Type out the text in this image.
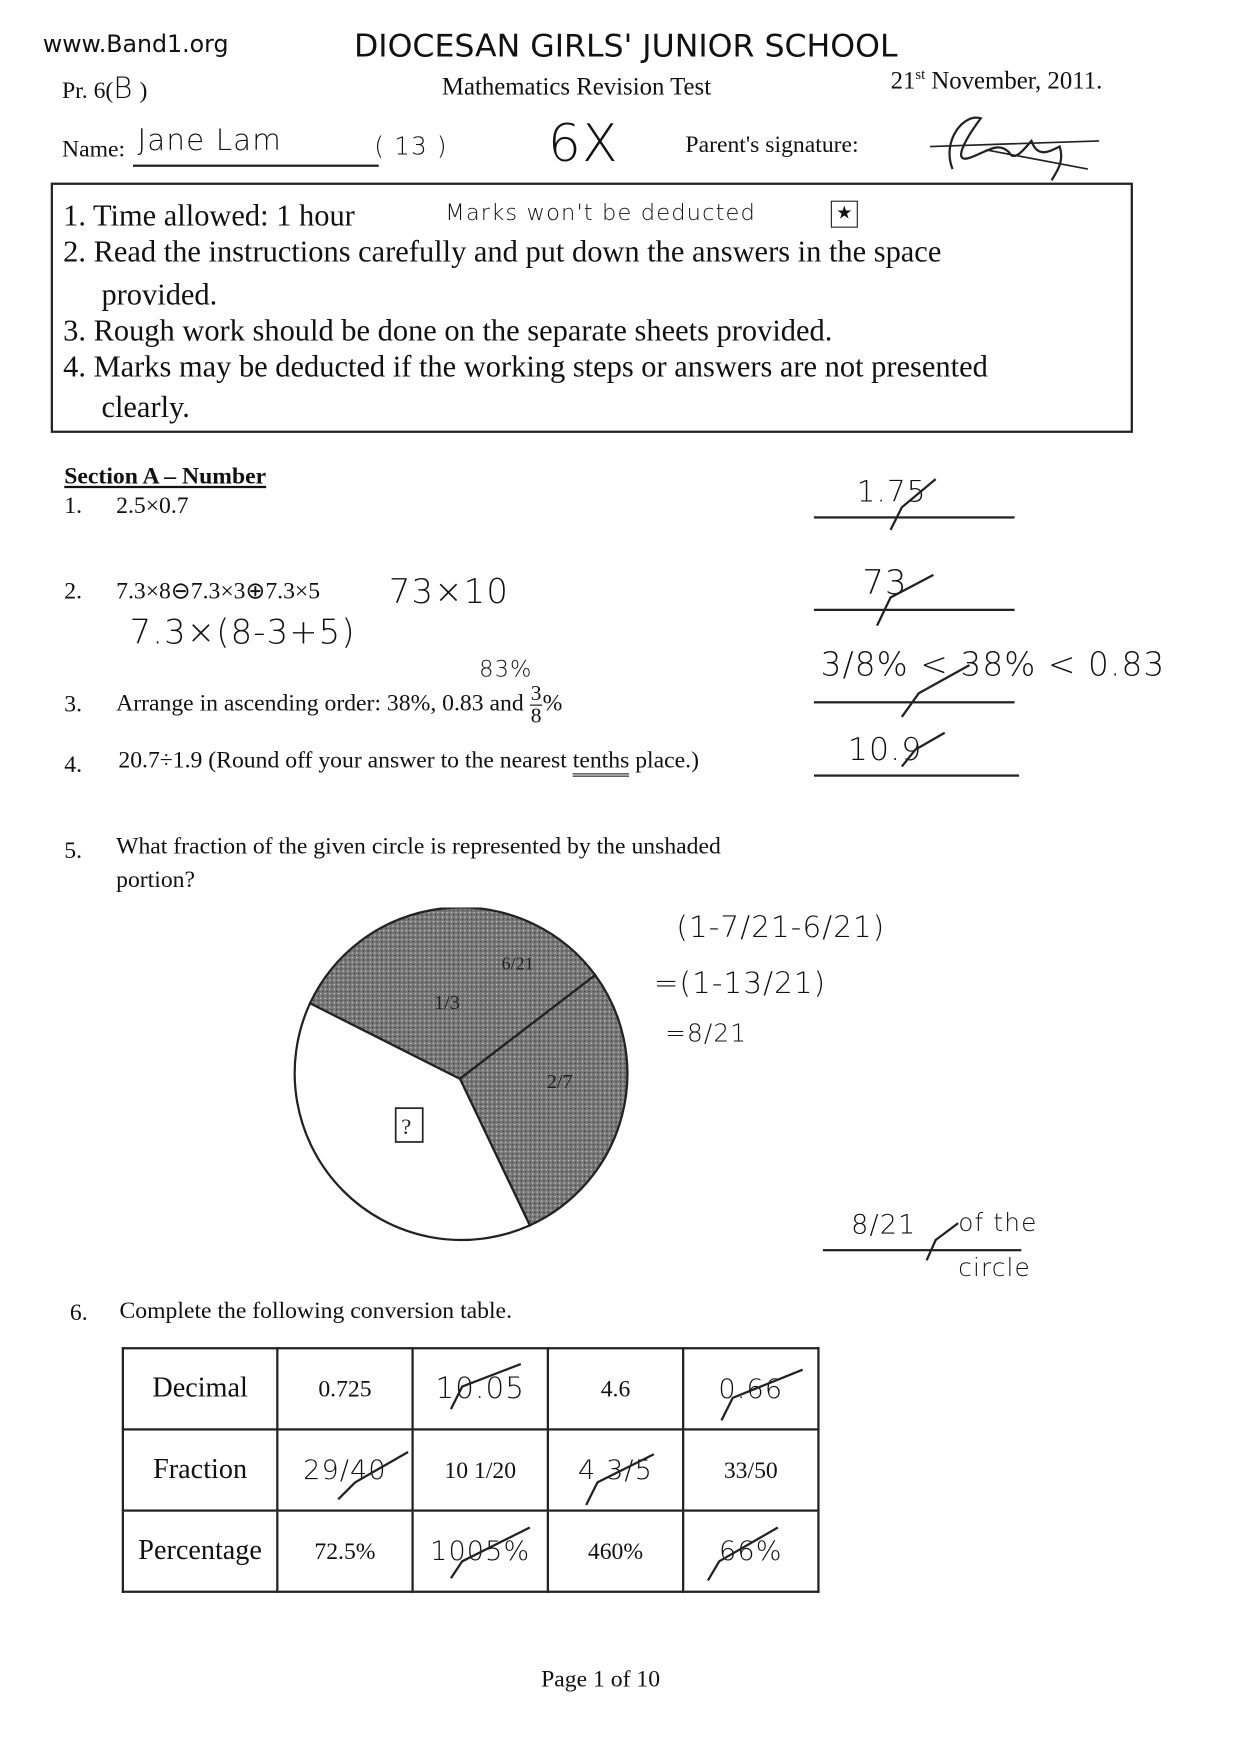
www.Band1.org	DIOCESAN GIRLS' JUNIOR SCHOOL
Pr. 6(B )	Mathematics Revision Test	21st November, 2011.
Name: Jane Lam	( 13 ) 6X	Parent's signature:
1. Time allowed: 1 hour	Marks won't be deducted	★
2. Read the instructions carefully and put down the answers in the space
provided.
3. Rough work should be done on the separate sheets provided.
4. Marks may be deducted if the working steps or answers are not presented
clearly.
Section A – Number
1. 2.5×0.7	1.75
2. 7.3×8⊖7.3×3⊕7.3×5 73×10
7.3×(8-3+5)
73
83%
3. Arrange in ascending order: 38%, 0.83 and $\frac{3}{8}$ %
3/8% < 38% < 0.83
4. 20.7÷1.9 (Round off your answer to the nearest tenths place.)	10.9
5. What fraction of the given circle is represented by the unshaded
portion?
1/3
6/21
2/7
?
(1-7/21-6/21)
=(1-13/21)
=8/21
8/21 of the circle
6. Complete the following conversion table.
Decimal	0.725	10.05	4.6	0.66
Fraction	29/40	10 1/20	4 3/5	33/50
Percentage	72.5%	1005%	460%	66%
Page 1 of 10
